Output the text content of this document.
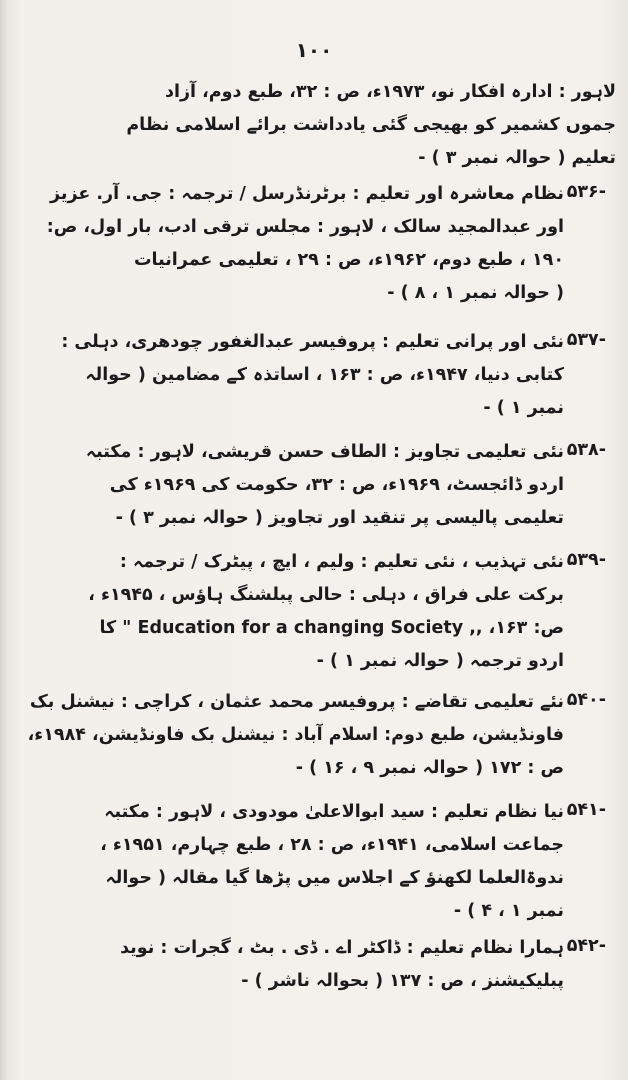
١٠٠
لاہور : ادارہ افکار نو، ۱۹۷۳ء، ص : ۳۲، طبع دوم، آزاد
جموں کشمیر کو بھیجی گئی یادداشت برائے اسلامی نظام
تعلیم ( حوالہ نمبر ۳ ) -
-۵۳۶
نظام معاشرہ اور تعلیم : برٹرنڈرسل / ترجمہ : جی. آر. عزیز
اور عبدالمجید سالک ، لاہور : مجلس ترقی ادب، بار اول، ص:
۱۹۰ ، طبع دوم، ۱۹۶۲ء، ص : ۲۹ ، تعلیمی عمرانیات
( حوالہ نمبر ۱ ، ۸ ) -
-۵۳۷
نئی اور پرانی تعلیم : پروفیسر عبدالغفور چودھری، دہلی :
کتابی دنیا، ۱۹۴۷ء، ص : ۱۶۳ ، اساتذہ کے مضامین ( حوالہ
نمبر ۱ ) -
-۵۳۸
نئی تعلیمی تجاویز : الطاف حسن قریشی، لاہور : مکتبہ
اردو ڈائجسٹ، ۱۹۶۹ء، ص : ۳۲، حکومت کی ۱۹۶۹ء کی
تعلیمی پالیسی پر تنقید اور تجاویز ( حوالہ نمبر ۳ ) -
-۵۳۹
نئی تہذیب ، نئی تعلیم : ولیم ، ایچ ، پیٹرک / ترجمہ :
برکت علی فراق ، دہلی : حالی پبلشنگ ہاؤس ، ۱۹۴۵ء ،
ص: ۱۶۳، ,, Education for a changing Society " کا
اردو ترجمہ ( حوالہ نمبر ۱ ) -
-۵۴۰
نئے تعلیمی تقاضے : پروفیسر محمد عثمان ، کراچی : نیشنل بک
فاونڈیشن، طبع دوم: اسلام آباد : نیشنل بک فاونڈیشن، ۱۹۸۴ء،
ص : ۱۷۲ ( حوالہ نمبر ۹ ، ۱۶ ) -
-۵۴۱
نیا نظام تعلیم : سید ابوالاعلیٰ مودودی ، لاہور : مکتبہ
جماعت اسلامی، ۱۹۴۱ء، ص : ۲۸ ، طبع چہارم، ۱۹۵۱ء ،
ندوۃالعلما لکھنؤ کے اجلاس میں پڑھا گیا مقالہ ( حوالہ
نمبر ۱ ، ۴ ) -
-۵۴۲
ہمارا نظام تعلیم : ڈاکٹر اے . ڈی . بٹ ، گجرات : نوید
پبلیکیشنز ، ص : ۱۳۷ ( بحوالہ ناشر ) -
